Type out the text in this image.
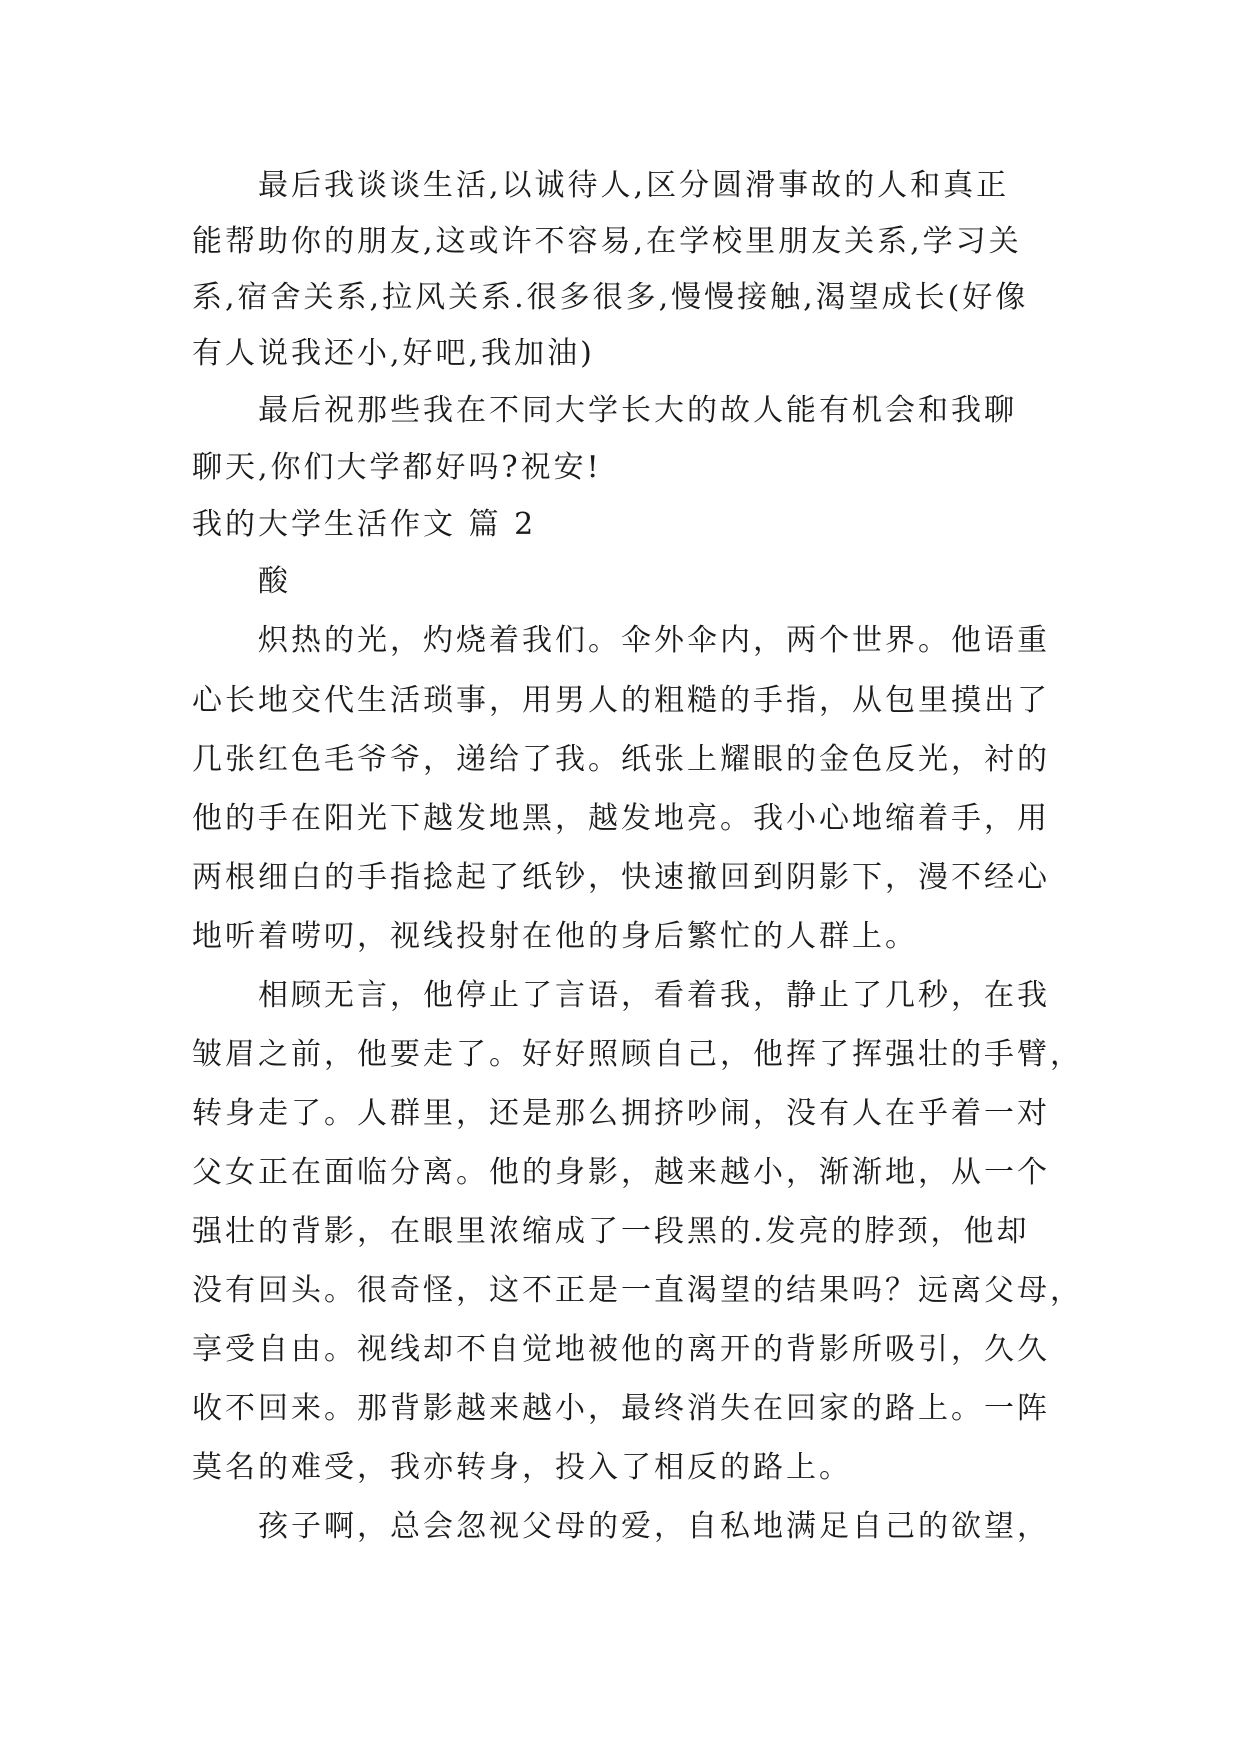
最后我谈谈生活,以诚待人,区分圆滑事故的人和真正
能帮助你的朋友,这或许不容易,在学校里朋友关系,学习关
系,宿舍关系,拉风关系.很多很多,慢慢接触,渴望成长(好像
有人说我还小,好吧,我加油)
最后祝那些我在不同大学长大的故人能有机会和我聊
聊天,你们大学都好吗?祝安!
我的大学生活作文 篇 2
酸
炽热的光，灼烧着我们。伞外伞内，两个世界。他语重
心长地交代生活琐事，用男人的粗糙的手指，从包里摸出了
几张红色毛爷爷，递给了我。纸张上耀眼的金色反光，衬的
他的手在阳光下越发地黑，越发地亮。我小心地缩着手，用
两根细白的手指捻起了纸钞，快速撤回到阴影下，漫不经心
地听着唠叨，视线投射在他的身后繁忙的人群上。
相顾无言，他停止了言语，看着我，静止了几秒，在我
皱眉之前，他要走了。好好照顾自己，他挥了挥强壮的手臂，
转身走了。人群里，还是那么拥挤吵闹，没有人在乎着一对
父女正在面临分离。他的身影，越来越小，渐渐地，从一个
强壮的背影，在眼里浓缩成了一段黑的.发亮的脖颈，他却
没有回头。很奇怪，这不正是一直渴望的结果吗？远离父母，
享受自由。视线却不自觉地被他的离开的背影所吸引，久久
收不回来。那背影越来越小，最终消失在回家的路上。一阵
莫名的难受，我亦转身，投入了相反的路上。
孩子啊，总会忽视父母的爱，自私地满足自己的欲望，
